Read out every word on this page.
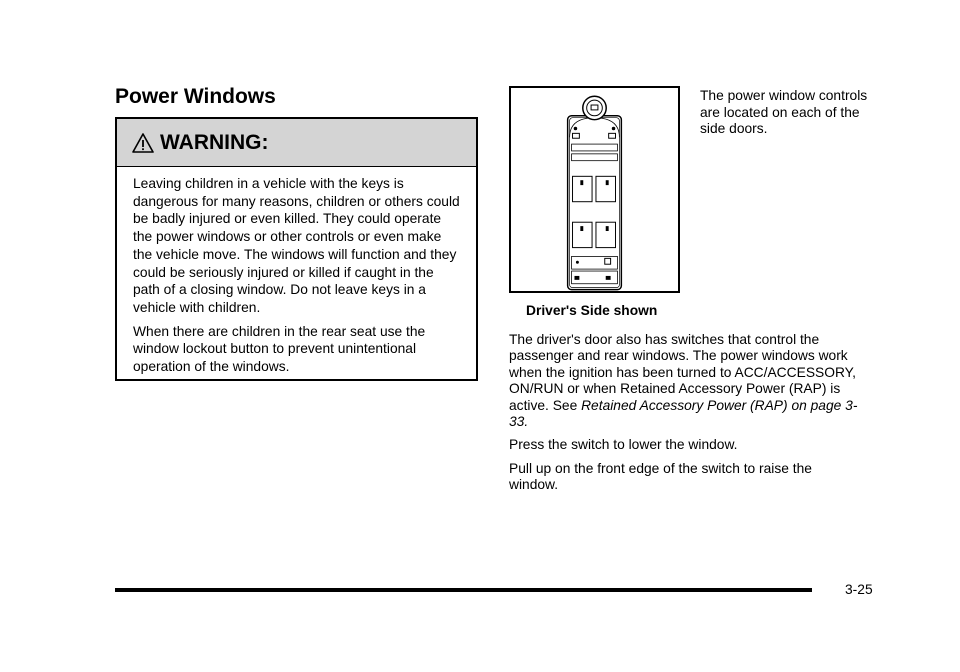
Power Windows
WARNING:

Leaving children in a vehicle with the keys is dangerous for many reasons, children or others could be badly injured or even killed. They could operate the power windows or other controls or even make the vehicle move. The windows will function and they could be seriously injured or killed if caught in the path of a closing window. Do not leave keys in a vehicle with children.

When there are children in the rear seat use the window lockout button to prevent unintentional operation of the windows.

Driver's Side shown

The power window controls are located on each of the side doors.

The driver's door also has switches that control the passenger and rear windows. The power windows work when the ignition has been turned to ACC/ACCESSORY, ON/RUN or when Retained Accessory Power (RAP) is active. See Retained Accessory Power (RAP) on page 3-33.

Press the switch to lower the window.

Pull up on the front edge of the switch to raise the window.

3-25
